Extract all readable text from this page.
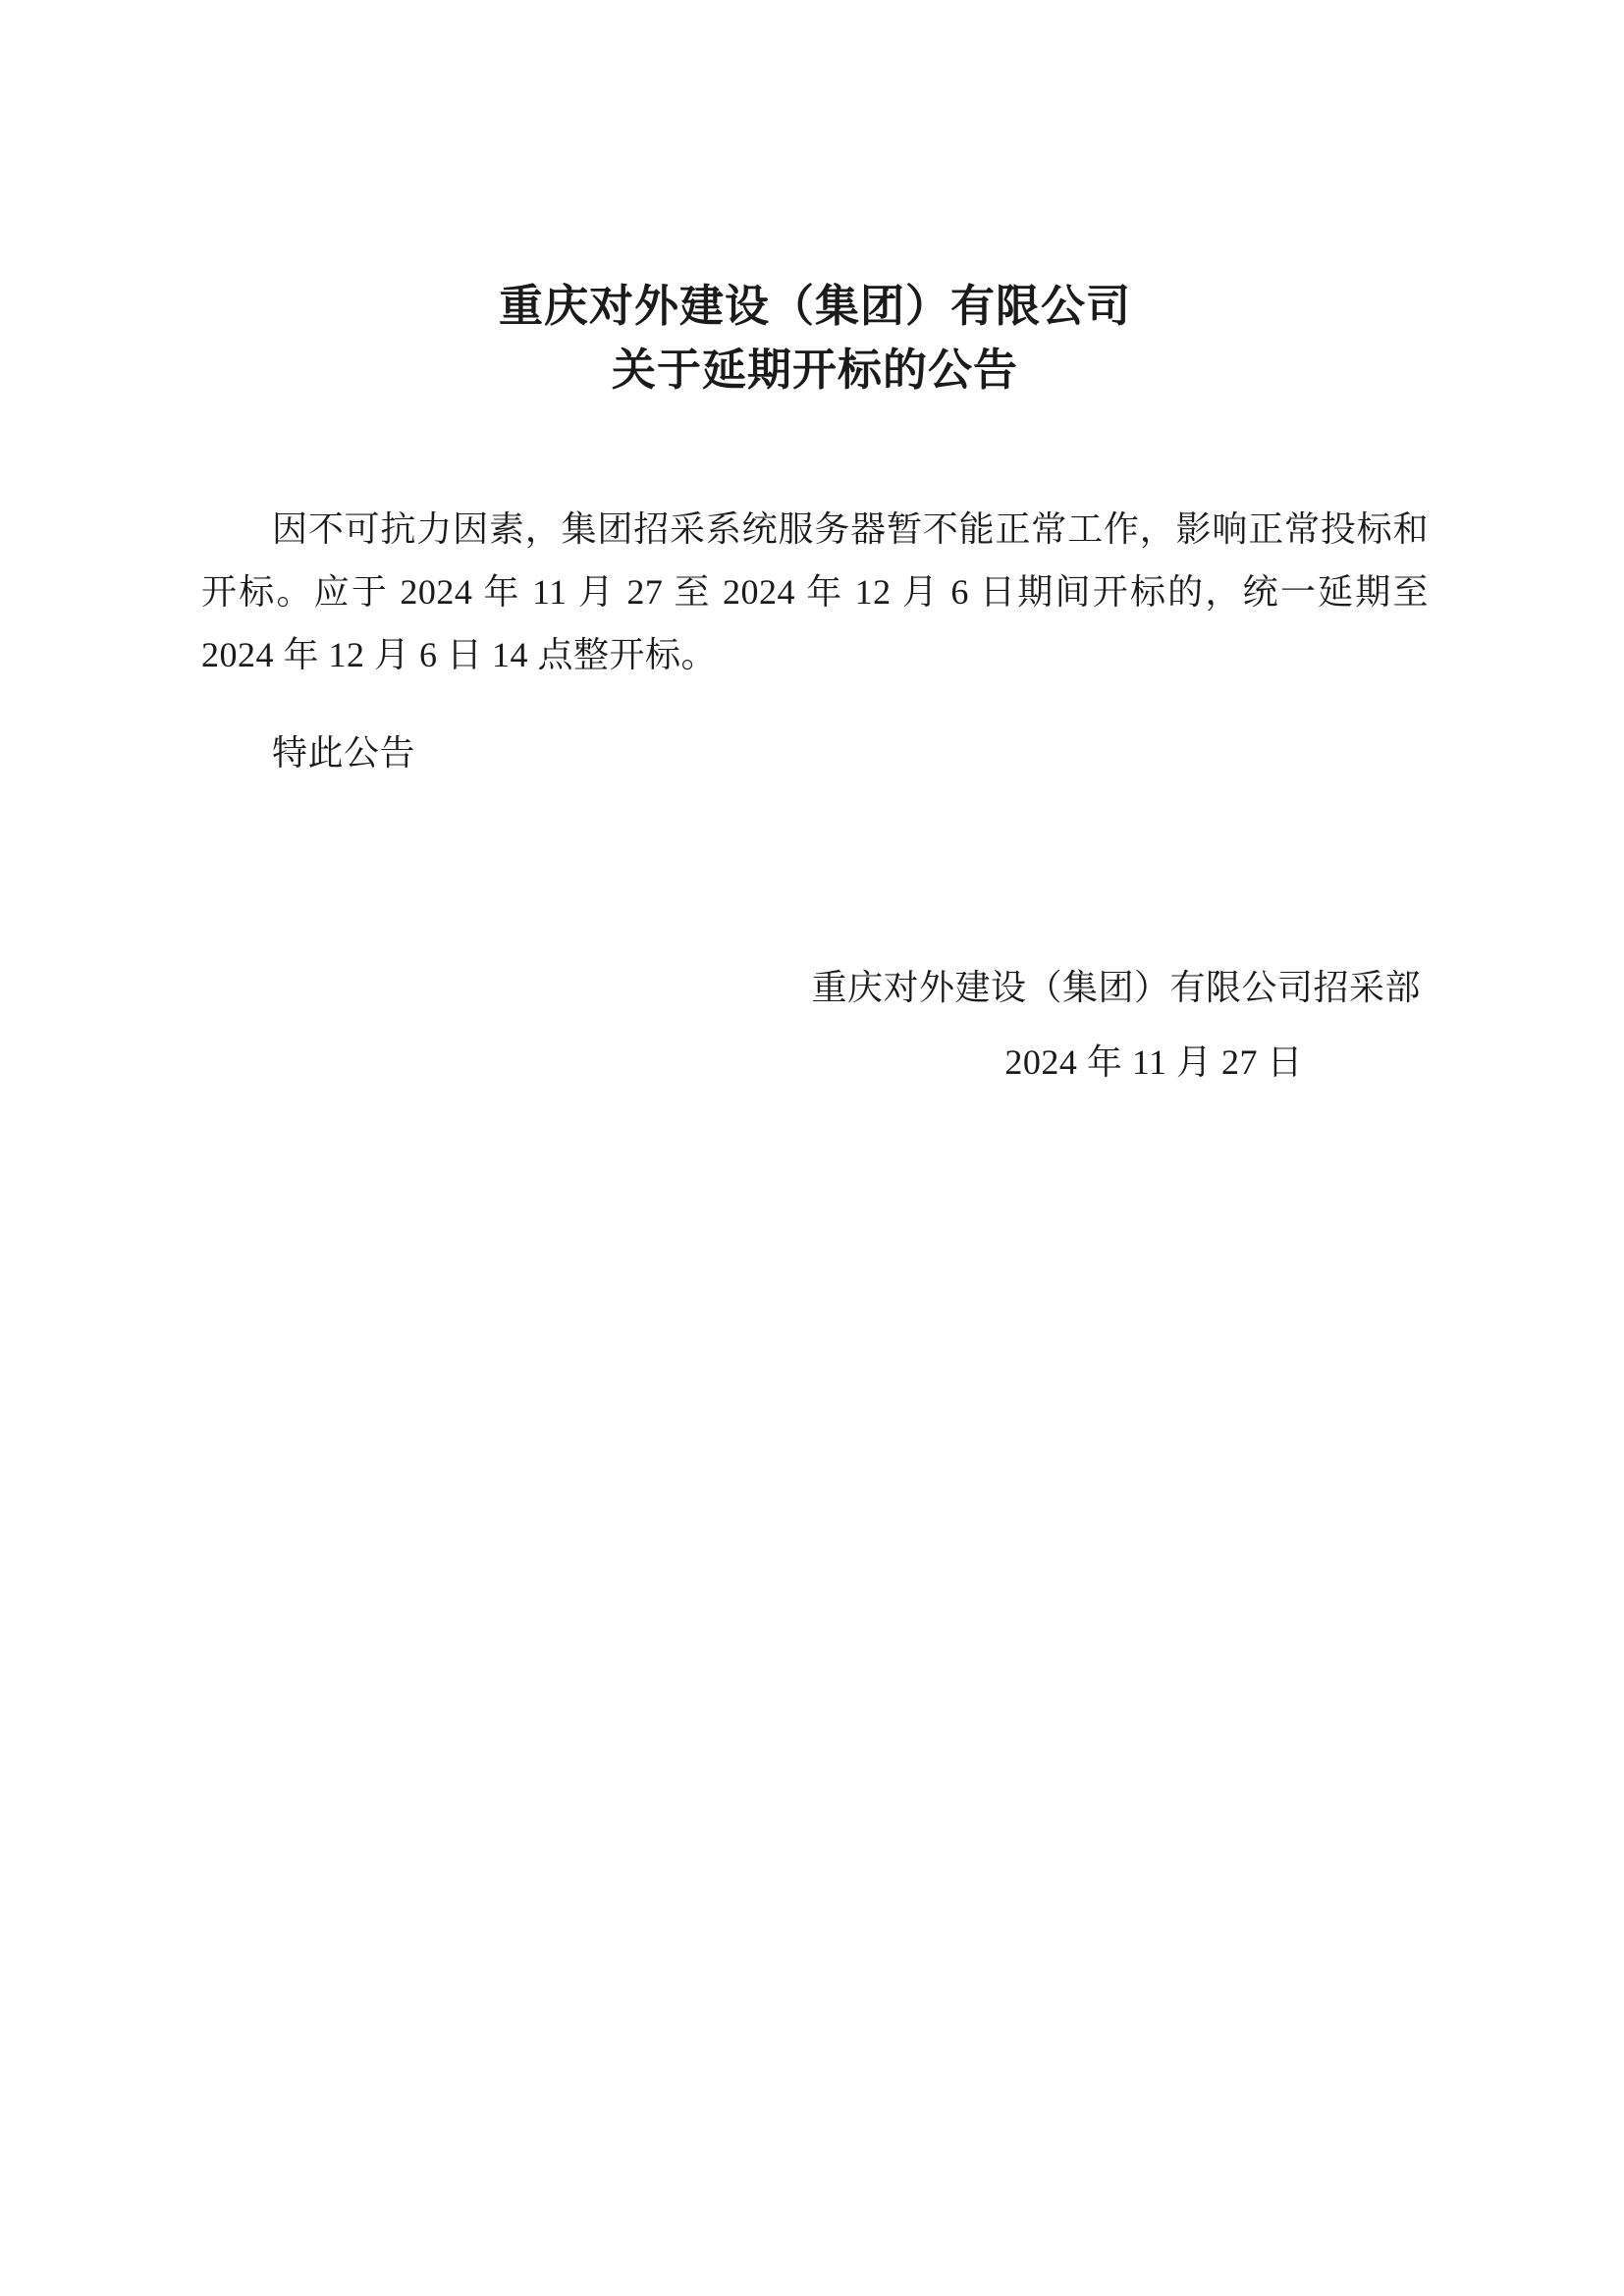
重庆对外建设（集团）有限公司
关于延期开标的公告

因不可抗力因素，集团招采系统服务器暂不能正常工作，影响正常投标和开标。应于 2024 年 11 月 27 至 2024 年 12 月 6 日期间开标的，统一延期至 2024 年 12 月 6 日 14 点整开标。

特此公告

重庆对外建设（集团）有限公司招采部
2024 年 11 月 27 日
